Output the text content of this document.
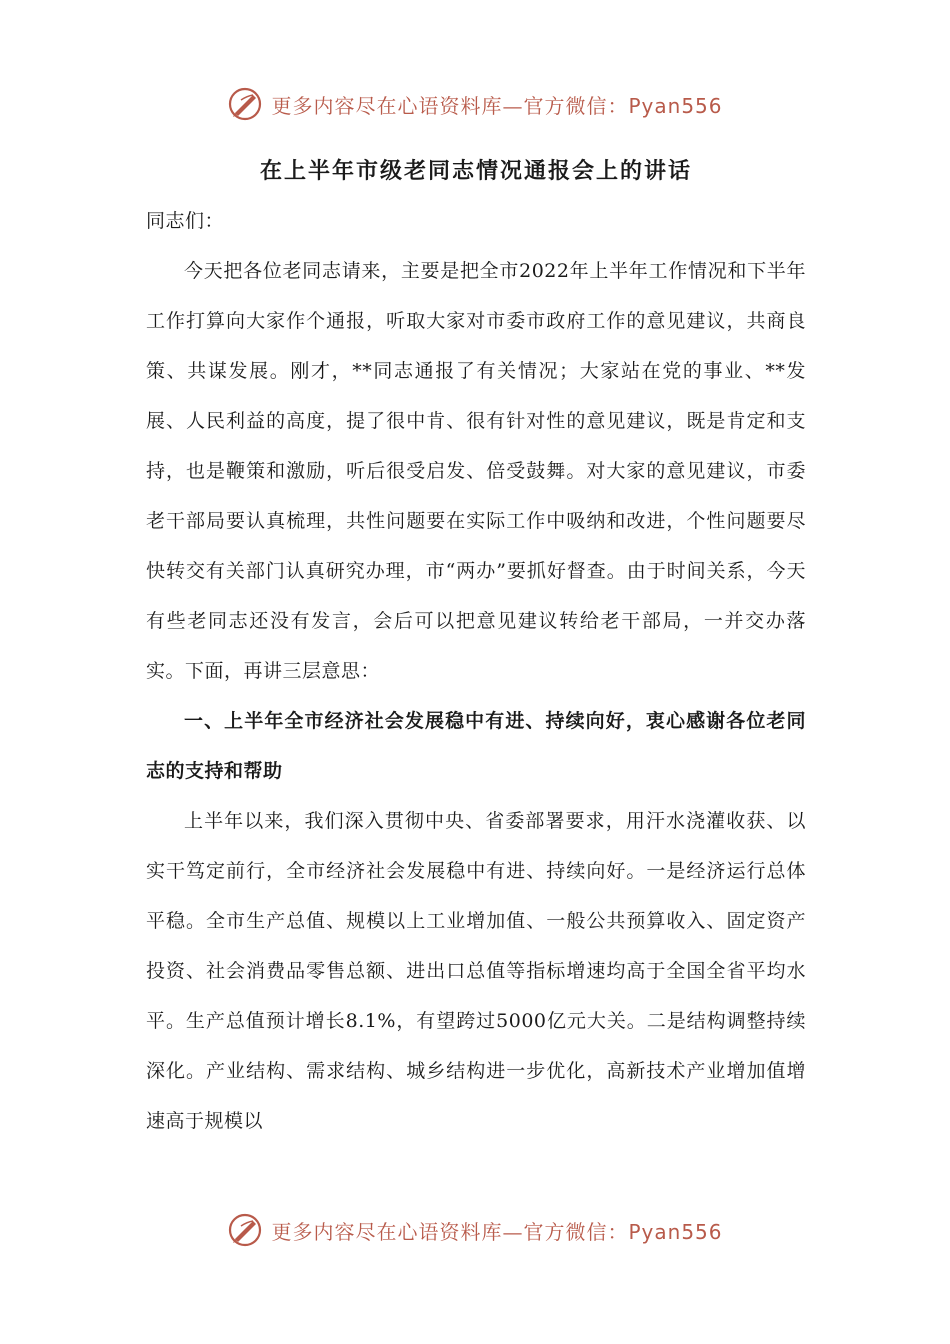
更多内容尽在心语资料库—官方微信：Pyan556
在上半年市级老同志情况通报会上的讲话

同志们：

今天把各位老同志请来，主要是把全市2022年上半年工作情况和下半年工作打算向大家作个通报，听取大家对市委市政府工作的意见建议，共商良策、共谋发展。刚才，**同志通报了有关情况；大家站在党的事业、**发展、人民利益的高度，提了很中肯、很有针对性的意见建议，既是肯定和支持，也是鞭策和激励，听后很受启发、倍受鼓舞。对大家的意见建议，市委老干部局要认真梳理，共性问题要在实际工作中吸纳和改进，个性问题要尽快转交有关部门认真研究办理，市“两办”要抓好督查。由于时间关系，今天有些老同志还没有发言，会后可以把意见建议转给老干部局，一并交办落实。下面，再讲三层意思：

一、上半年全市经济社会发展稳中有进、持续向好，衷心感谢各位老同志的支持和帮助

上半年以来，我们深入贯彻中央、省委部署要求，用汗水浇灌收获、以实干笃定前行，全市经济社会发展稳中有进、持续向好。一是经济运行总体平稳。全市生产总值、规模以上工业增加值、一般公共预算收入、固定资产投资、社会消费品零售总额、进出口总值等指标增速均高于全国全省平均水平。生产总值预计增长8.1%，有望跨过5000亿元大关。二是结构调整持续深化。产业结构、需求结构、城乡结构进一步优化，高新技术产业增加值增速高于规模以

更多内容尽在心语资料库—官方微信：Pyan556
